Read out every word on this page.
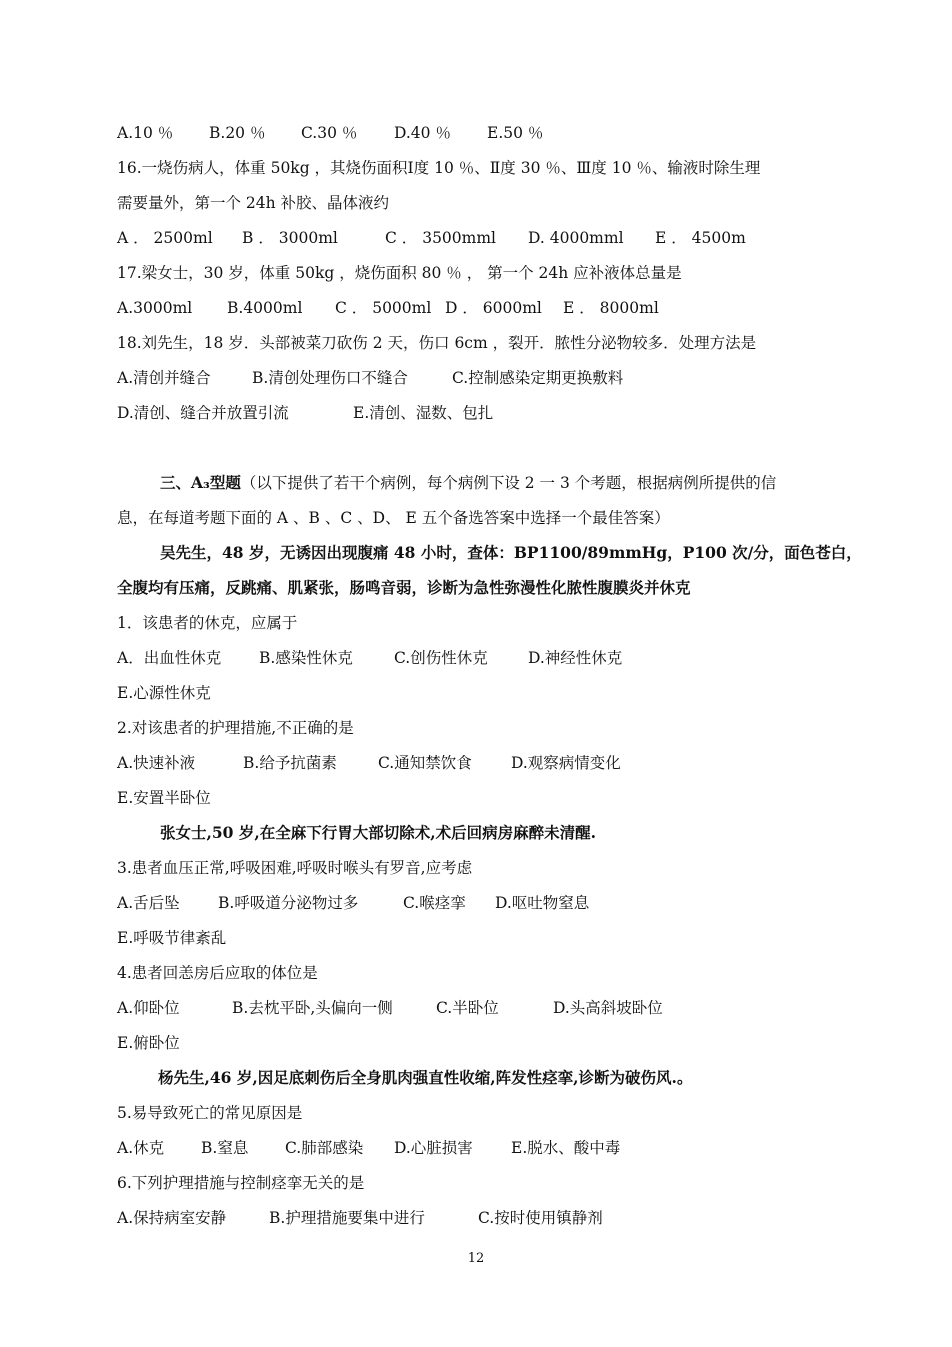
A.10 ％ B.20 ％ C.30 ％ D.40 ％ E.50 ％
16.一烧伤病人，体重 50kg ，其烧伤面积Ⅰ度 10 ％、Ⅱ度 30 ％、Ⅲ度 10 ％、输液时除生理
需要量外，第一个 24h 补胶、晶体液约
A ． 2500ml B ． 3000ml	C ． 3500mml D. 4000mml E ． 4500m
17.梁女士，30 岁，体重 50kg ，烧伤面积 80 ％ ， 第一个 24h 应补液体总量是
A.3000ml B.4000ml C ． 5000ml D ． 6000ml E ． 8000ml
18.刘先生，18 岁．头部被菜刀砍伤 2 天，伤口 6cm ，裂开．脓性分泌物较多．处理方法是
A.清创并缝合	B.清创处理伤口不缝合	C.控制感染定期更换敷料
D.清创、缝合并放置引流	E.清创、湿数、包扎
三、A₃型题（以下提供了若干个病例，每个病例下设 2 一 3 个考题，根据病例所提供的信
息，在每道考题下面的 A 、B 、C 、D、 E 五个备选答案中选择一个最佳答案）
吴先生，48 岁，无诱因出现腹痛 48 小时，查体：BP1100/89mmHg，P100 次/分，面色苍白，
全腹均有压痛，反跳痛、肌紧张，肠鸣音弱，诊断为急性弥漫性化脓性腹膜炎并休克
1．该患者的休克，应属于
A．出血性休克 B.感染性休克	C.创伤性休克	D.神经性休克
E.心源性休克
2.对该患者的护理措施,不正确的是
A.快速补液	B.给予抗菌素	C.通知禁饮食	D.观察病情变化
E.安置半卧位
张女士,50 岁,在全麻下行胃大部切除术,术后回病房麻醉未清醒.
3.患者血压正常,呼吸困难,呼吸时喉头有罗音,应考虑
A.舌后坠 B.呼吸道分泌物过多	C.喉痉挛 D.呕吐物窒息
E.呼吸节律紊乱
4.患者回恙房后应取的体位是
A.仰卧位	B.去枕平卧,头偏向一侧	C.半卧位	D.头高斜坡卧位
E.俯卧位
杨先生,46 岁,因足底刺伤后全身肌肉强直性收缩,阵发性痉挛,诊断为破伤风.。
5.易导致死亡的常见原因是
A.休克 B.窒息 C.肺部感染 D.心脏损害 E.脱水、酸中毒
6.下列护理措施与控制痉挛无关的是
A.保持病室安静	B.护理措施要集中进行	C.按时使用镇静剂
12
